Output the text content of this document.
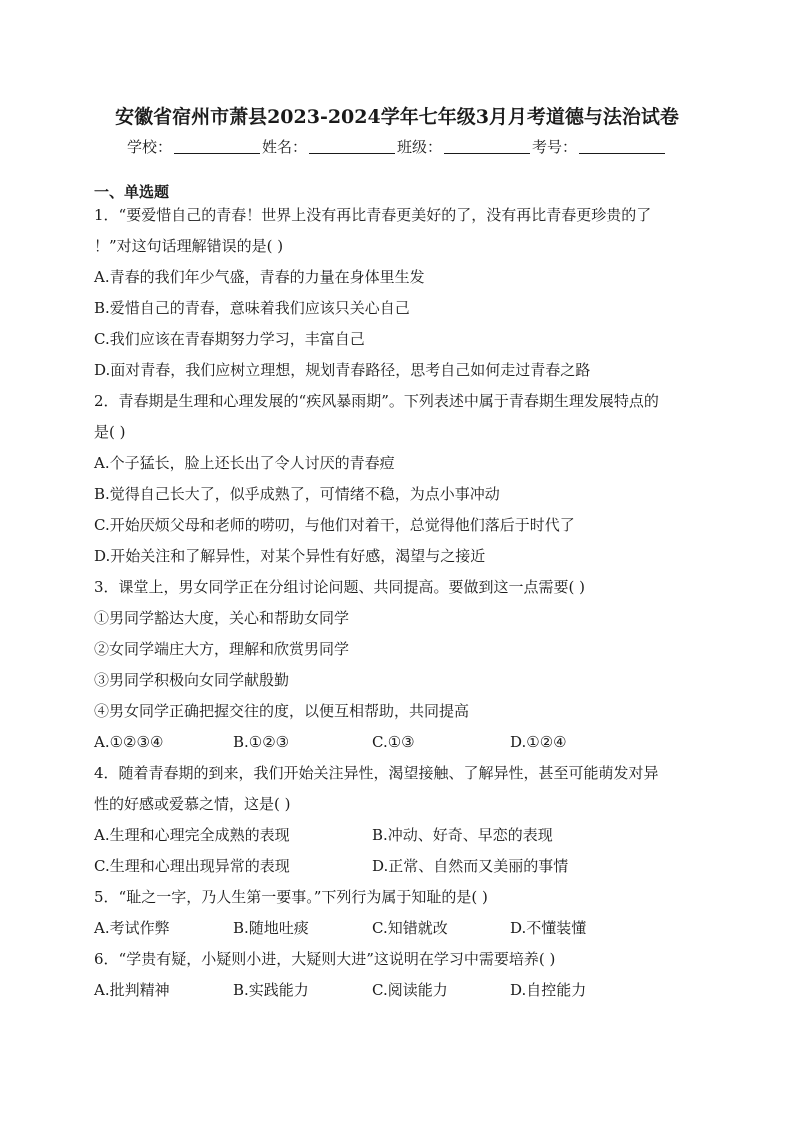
安徽省宿州市萧县2023-2024学年七年级3月月考道德与法治试卷
学校：	姓名：	班级：	考号：
一、单选题
1．“要爱惜自己的青春！世界上没有再比青春更美好的了，没有再比青春更珍贵的了
！”对这句话理解错误的是( )
A.青春的我们年少气盛，青春的力量在身体里生发
B.爱惜自己的青春，意味着我们应该只关心自己
C.我们应该在青春期努力学习，丰富自己
D.面对青春，我们应树立理想，规划青春路径，思考自己如何走过青春之路
2．青春期是生理和心理发展的“疾风暴雨期”。下列表述中属于青春期生理发展特点的
是( )
A.个子猛长，脸上还长出了令人讨厌的青春痘
B.觉得自己长大了，似乎成熟了，可情绪不稳，为点小事冲动
C.开始厌烦父母和老师的唠叨，与他们对着干，总觉得他们落后于时代了
D.开始关注和了解异性，对某个异性有好感，渴望与之接近
3．课堂上，男女同学正在分组讨论问题、共同提高。要做到这一点需要( )
①男同学豁达大度，关心和帮助女同学
②女同学端庄大方，理解和欣赏男同学
③男同学积极向女同学献殷勤
④男女同学正确把握交往的度，以便互相帮助，共同提高
A.①②③④	B.①②③	C.①③	D.①②④
4．随着青春期的到来，我们开始关注异性，渴望接触、了解异性，甚至可能萌发对异
性的好感或爱慕之情，这是( )
A.生理和心理完全成熟的表现	B.冲动、好奇、早恋的表现
C.生理和心理出现异常的表现	D.正常、自然而又美丽的事情
5．“耻之一字，乃人生第一要事。”下列行为属于知耻的是( )
A.考试作弊	B.随地吐痰	C.知错就改	D.不懂装懂
6．“学贵有疑，小疑则小进，大疑则大进”这说明在学习中需要培养( )
A.批判精神	B.实践能力	C.阅读能力	D.自控能力
